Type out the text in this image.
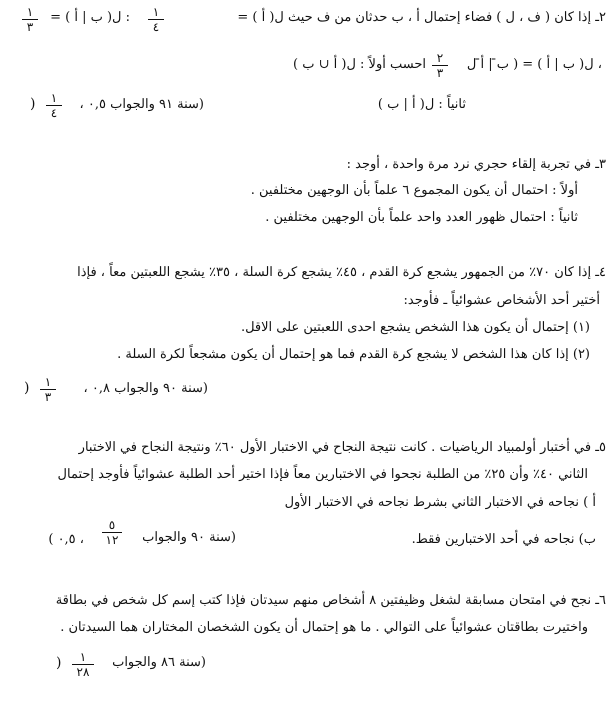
١
٣
: ل( ب | أ ) =	١
٤
٢ـ إذا كان ( ف ، ل ) فضاء إحتمال أ ، ب حدثان من ف حيث ل( أ ) =
احسب أولاً : ل( أ ∪ ب ) ٢
٣
، ل( ب | أ ) = ( ب̄ | أ̄ ل
)	١
٤
(سنة ٩١ والجواب ٠,٥ ،	ثانياً : ل( أ | ب )
٣ـ في تجربة إلقاء حجري نرد مرة واحدة ، أوجد :
أولاً : احتمال أن يكون المجموع ٦ علماً بأن الوجهين مختلفين .
ثانياً : احتمال ظهور العدد واحد علماً بأن الوجهين مختلفين .
٤ـ إذا كان ٧٠٪ من الجمهور يشجع كرة القدم ، ٤٥٪ يشجع كرة السلة ، ٣٥٪ يشجع اللعبتين معاً ، فإذا
أختير أحد الأشخاص عشوائياً ـ فأوجد:
(١) إحتمال أن يكون هذا الشخص يشجع احدى اللعبتين على الاقل.
(٢) إذا كان هذا الشخص لا يشجع كرة القدم فما هو إحتمال أن يكون مشجعاً لكرة السلة .
)	١
٣
(سنة ٩٠ والجواب ٠,٨ ،
٥ـ في أختبار أولمبياد الرياضيات . كانت نتيجة النجاح في الاختبار الأول ٦٠٪ ونتيجة النجاح في الاختبار
الثاني ٤٠٪ وأن ٢٥٪ من الطلبة نجحوا في الاختبارين معاً فإذا اختير أحد الطلبة عشوائياً فأوجد إحتمال
أ ) نجاحه في الاختبار الثاني بشرط نجاحه في الاختبار الأول
، ٠,٥ )
٥
١٢	(سنة ٩٠ والجواب	ب) نجاحه في أحد الاختبارين فقط.
٦ـ نجح في امتحان مسابقة لشغل وظيفتين ٨ أشخاص منهم سيدتان فإذا كتب إسم كل شخص في بطاقة
واختيرت بطاقتان عشوائياً على التوالي . ما هو إحتمال أن يكون الشخصان المختاران هما السيدتان .
)	١
٢٨
(سنة ٨٦ والجواب
